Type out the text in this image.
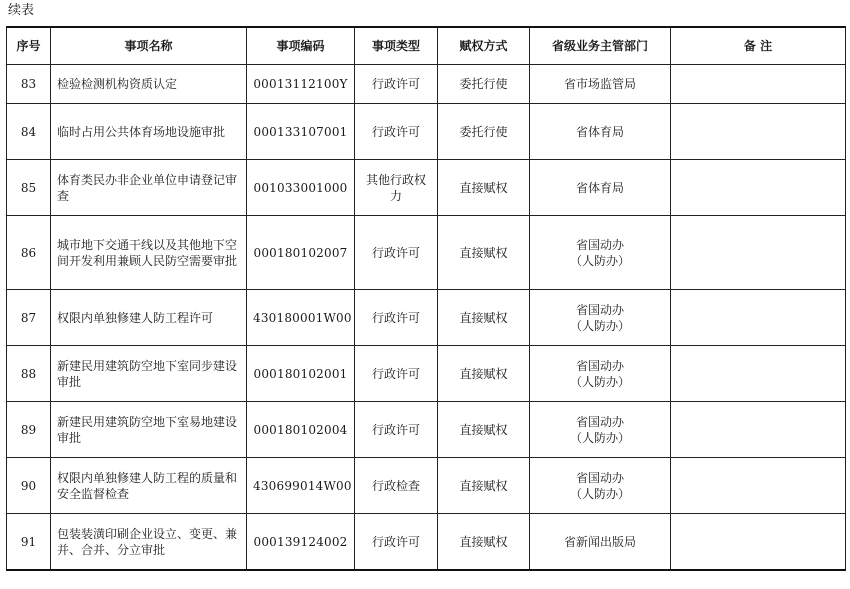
续表
序号	事项名称	事项编码	事项类型	赋权方式	省级业务主管部门	备 注
83	检验检测机构资质认定	00013112100Y	行政许可	委托行使	省市场监管局	
84	临时占用公共体育场地设施审批	000133107001	行政许可	委托行使	省体育局	
85	体育类民办非企业单位申请登记审查	001033001000	其他行政权力	直接赋权	省体育局	
86	城市地下交通干线以及其他地下空间开发利用兼顾人民防空需要审批	000180102007	行政许可	直接赋权	省国动办
（人防办）	
87	权限内单独修建人防工程许可	430180001W00	行政许可	直接赋权	省国动办
（人防办）	
88	新建民用建筑防空地下室同步建设审批	000180102001	行政许可	直接赋权	省国动办
（人防办）	
89	新建民用建筑防空地下室易地建设审批	000180102004	行政许可	直接赋权	省国动办
（人防办）	
90	权限内单独修建人防工程的质量和安全监督检查	430699014W00	行政检查	直接赋权	省国动办
（人防办）	
91	包装装潢印刷企业设立、变更、兼并、合并、分立审批	000139124002	行政许可	直接赋权	省新闻出版局	
